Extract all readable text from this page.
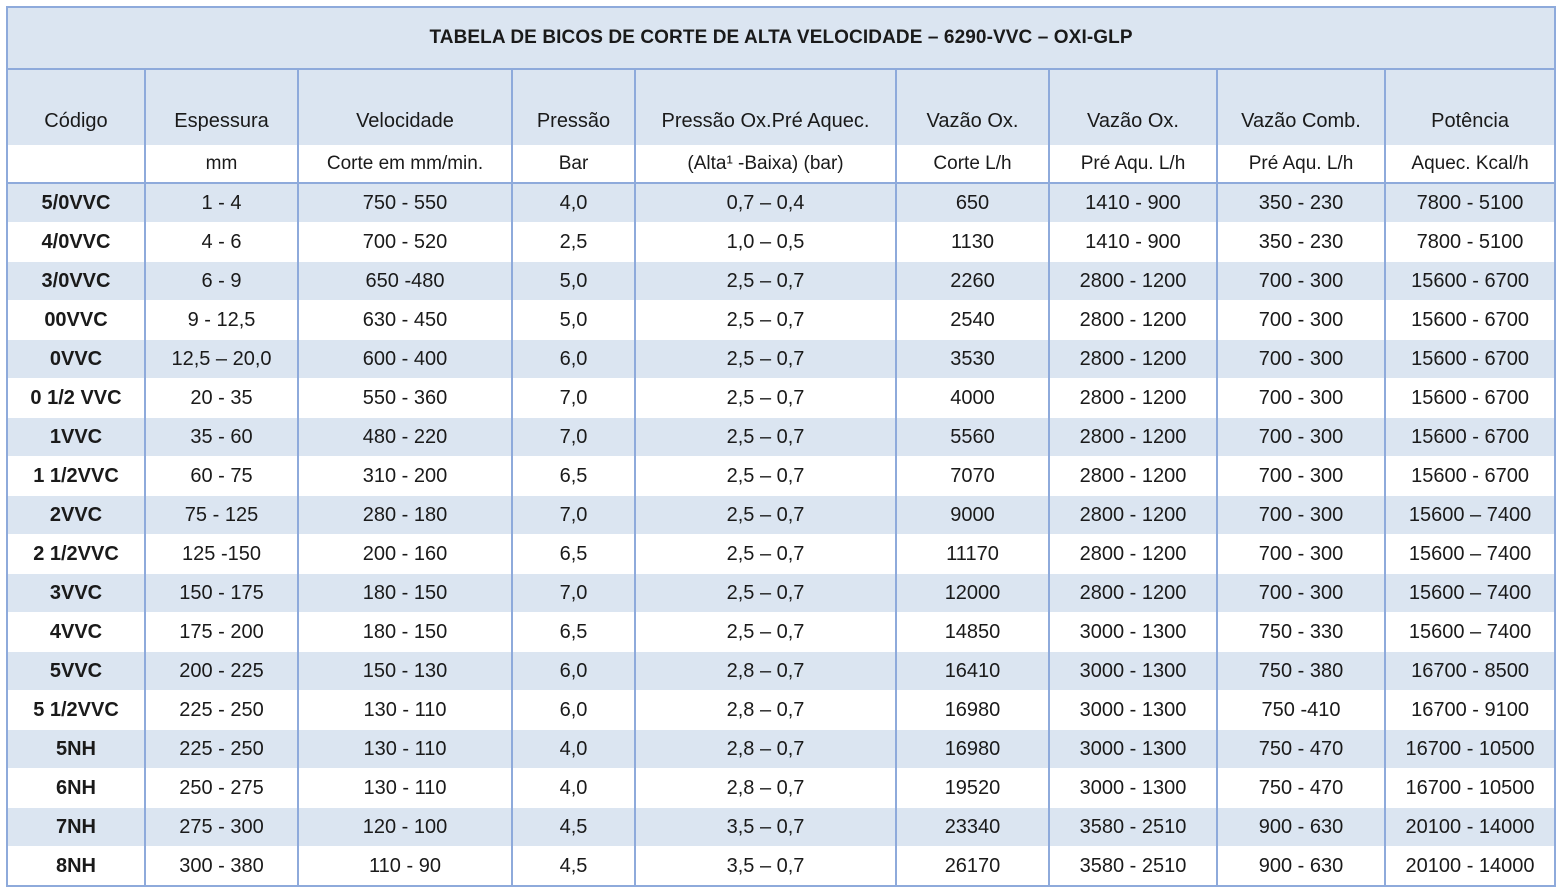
TABELA DE BICOS DE CORTE DE ALTA VELOCIDADE – 6290-VVC – OXI-GLP								
Código	Espessura	Velocidade	Pressão	Pressão Ox.Pré Aquec.	Vazão Ox.	Vazão Ox.	Vazão Comb.	Potência
	mm	Corte em mm/min.	Bar	(Alta¹ -Baixa) (bar)	Corte L/h	Pré Aqu. L/h	Pré Aqu. L/h	Aquec. Kcal/h
5/0VVC	1 - 4	750 - 550	4,0	0,7 – 0,4	650	1410 - 900	350 - 230	7800 - 5100
4/0VVC	4 - 6	700 - 520	2,5	1,0 – 0,5	1130	1410 - 900	350 - 230	7800 - 5100
3/0VVC	6 - 9	650 -480	5,0	2,5 – 0,7	2260	2800 - 1200	700 - 300	15600 - 6700
00VVC	9 - 12,5	630 - 450	5,0	2,5 – 0,7	2540	2800 - 1200	700 - 300	15600 - 6700
0VVC	12,5 – 20,0	600 - 400	6,0	2,5 – 0,7	3530	2800 - 1200	700 - 300	15600 - 6700
0 1/2 VVC	20 - 35	550 - 360	7,0	2,5 – 0,7	4000	2800 - 1200	700 - 300	15600 - 6700
1VVC	35 - 60	480 - 220	7,0	2,5 – 0,7	5560	2800 - 1200	700 - 300	15600 - 6700
1 1/2VVC	60 - 75	310 - 200	6,5	2,5 – 0,7	7070	2800 - 1200	700 - 300	15600 - 6700
2VVC	75 - 125	280 - 180	7,0	2,5 – 0,7	9000	2800 - 1200	700 - 300	15600 – 7400
2 1/2VVC	125 -150	200 - 160	6,5	2,5 – 0,7	11170	2800 - 1200	700 - 300	15600 – 7400
3VVC	150 - 175	180 - 150	7,0	2,5 – 0,7	12000	2800 - 1200	700 - 300	15600 – 7400
4VVC	175 - 200	180 - 150	6,5	2,5 – 0,7	14850	3000 - 1300	750 - 330	15600 – 7400
5VVC	200 - 225	150 - 130	6,0	2,8 – 0,7	16410	3000 - 1300	750 - 380	16700 - 8500
5 1/2VVC	225 - 250	130 - 110	6,0	2,8 – 0,7	16980	3000 - 1300	750 -410	16700 - 9100
5NH	225 - 250	130 - 110	4,0	2,8 – 0,7	16980	3000 - 1300	750 - 470	16700 - 10500
6NH	250 - 275	130 - 110	4,0	2,8 – 0,7	19520	3000 - 1300	750 - 470	16700 - 10500
7NH	275 - 300	120 - 100	4,5	3,5 – 0,7	23340	3580 - 2510	900 - 630	20100 - 14000
8NH	300 - 380	110 - 90	4,5	3,5 – 0,7	26170	3580 - 2510	900 - 630	20100 - 14000
